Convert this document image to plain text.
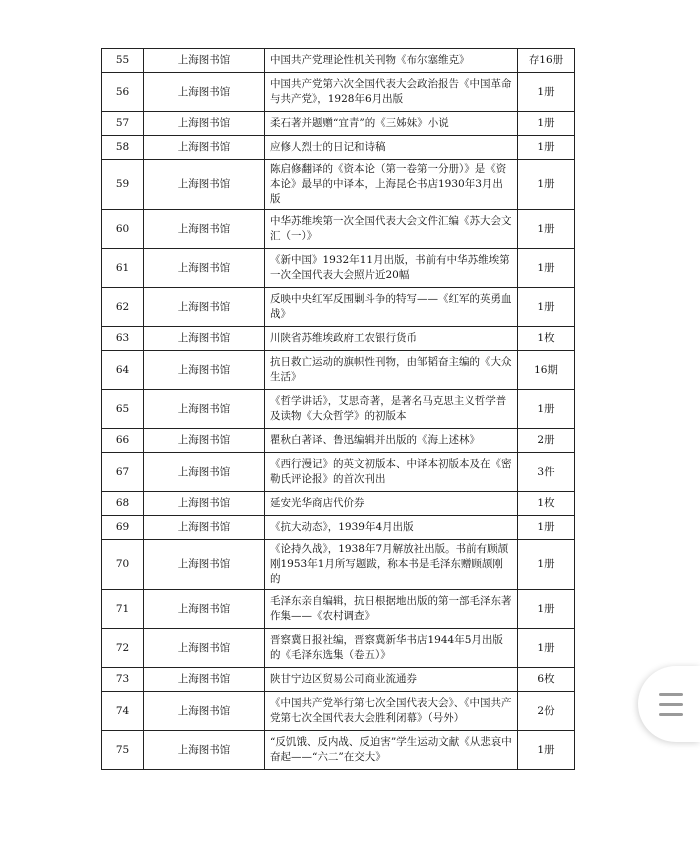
55	上海图书馆	中国共产党理论性机关刊物《布尔塞维克》	存16册
56	上海图书馆	中国共产党第六次全国代表大会政治报告《中国革命与共产党》，1928年6月出版	1册
57	上海图书馆	柔石著并题赠“宜青”的《三姊妹》小说	1册
58	上海图书馆	应修人烈士的日记和诗稿	1册
59	上海图书馆	陈启修翻译的《资本论（第一卷第一分册）》是《资本论》最早的中译本，上海昆仑书店1930年3月出版	1册
60	上海图书馆	中华苏维埃第一次全国代表大会文件汇编《苏大会文汇（一）》	1册
61	上海图书馆	《新中国》1932年11月出版，书前有中华苏维埃第一次全国代表大会照片近20幅	1册
62	上海图书馆	反映中央红军反围剿斗争的特写——《红军的英勇血战》	1册
63	上海图书馆	川陕省苏维埃政府工农银行货币	1枚
64	上海图书馆	抗日救亡运动的旗帜性刊物，由邹韬奋主编的《大众生活》	16期
65	上海图书馆	《哲学讲话》，艾思奇著，是著名马克思主义哲学普及读物《大众哲学》的初版本	1册
66	上海图书馆	瞿秋白著译、鲁迅编辑并出版的《海上述林》	2册
67	上海图书馆	《西行漫记》的英文初版本、中译本初版本及在《密勒氏评论报》的首次刊出	3件
68	上海图书馆	延安光华商店代价券	1枚
69	上海图书馆	《抗大动态》，1939年4月出版	1册
70	上海图书馆	《论持久战》，1938年7月解放社出版。书前有顾颉刚1953年1月所写题跋，称本书是毛泽东赠顾颉刚的	1册
71	上海图书馆	毛泽东亲自编辑，抗日根据地出版的第一部毛泽东著作集——《农村调查》	1册
72	上海图书馆	晋察冀日报社编，晋察冀新华书店1944年5月出版的《毛泽东选集（卷五）》	1册
73	上海图书馆	陕甘宁边区贸易公司商业流通券	6枚
74	上海图书馆	《中国共产党举行第七次全国代表大会》、《中国共产党第七次全国代表大会胜利闭幕》（号外）	2份
75	上海图书馆	“反饥饿、反内战、反迫害”学生运动文献《从悲哀中奋起——“六二”在交大》	1册
